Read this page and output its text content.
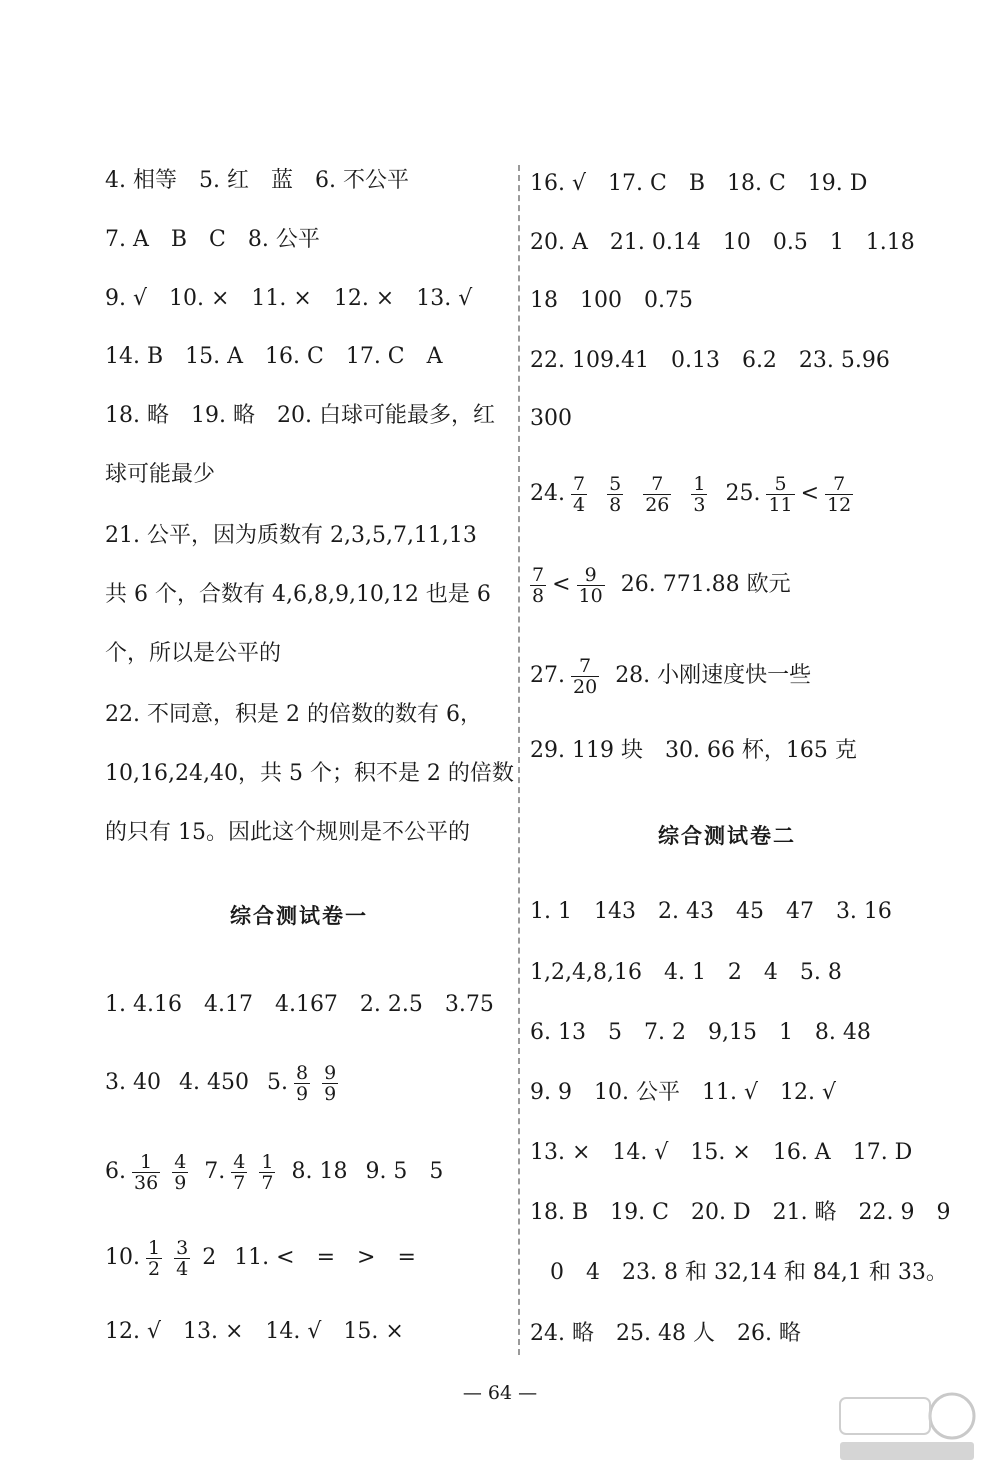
4. 相等　5. 红　蓝　6. 不公平
7. A　B　C　8. 公平
9. √　10. ×　11. ×　12. ×　13. √
14. B　15. A　16. C　17. C　A
18. 略　19. 略　20. 白球可能最多，红
球可能最少
21. 公平，因为质数有 2,3,5,7,11,13
共 6 个，合数有 4,6,8,9,10,12 也是 6
个，所以是公平的
22. 不同意，积是 2 的倍数的数有 6，
10,16,24,40，共 5 个；积不是 2 的倍数
的只有 15。因此这个规则是不公平的
综合测试卷一
1. 4.16　4.17　4.167　2. 2.5　3.75
3. 40 4. 450 5. $\frac{8}{9} \frac{9}{9}$
6. $\frac{1}{36} \frac{4}{9} 7$. $\frac{4}{7} \frac{1}{7} 8$. 18 9. 5　5
10. $\frac{1}{2} \frac{3}{4} 2$ 11. <　=　>　=
12. √　13. ×　14. √　15. ×
16. √　17. C　B　18. C　19. D
20. A　21. 0.14　10　0.5　1　1.18
18　100　0.75
22. 109.41　0.13　6.2　23. 5.96
300
24. $\frac{7}{4} \frac{5}{8} \frac{7}{26} \frac{1}{3} 25$. $\frac{5}{11} < \frac{7}{12}$
$\frac{7}{8} < \frac{9}{10} 26$. 771.88 欧元
27. $\frac{7}{20} 28$. 小刚速度快一些
29. 119 块　30. 66 杯，165 克
综合测试卷二
1. 1　143　2. 43　45　47　3. 16
1,2,4,8,16　4. 1　2　4　5. 8
6. 13　5　7. 2　9,15　1　8. 48
9. 9　10. 公平　11. √　12. √
13. ×　14. √　15. ×　16. A　17. D
18. B　19. C　20. D　21. 略　22. 9　9
0　4　23. 8 和 32,14 和 84,1 和 33。
24. 略　25. 48 人　26. 略
— 64 —
